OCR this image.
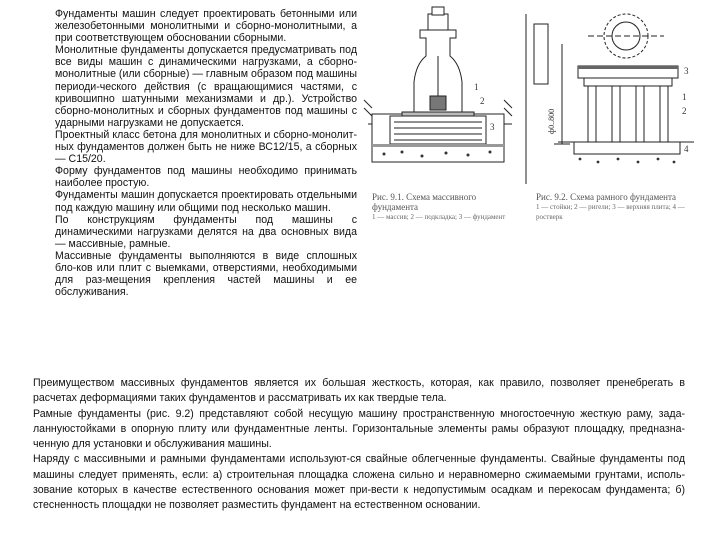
Фундаменты машин следует проектировать бетонными или железобетонными монолитными и сборно-монолитными, а при соответствующем обосновании сборными.

Монолитные фундаменты допускается предусматривать под все виды машин с динамическими нагрузками, а сборно-монолитные (или сборные) — главным образом под машины периоди-ческого действия (с вращающимися частями, с кривошипно шатунными механизмами и др.). Устройство сборно-монолитных и сборных фундаментов под машины с ударными нагрузками не допускается.

Проектный класс бетона для монолитных и сборно-монолит-ных фундаментов должен быть не ниже ВС12/15, а сборных — С15/20.

Форму фундаментов под машины необходимо принимать наиболее простую.

Фундаменты машин допускается проектировать отдельными под каждую машину или общими под несколько машин.

По конструкциям фундаменты под машины с динамическими нагрузками делятся на два основных вида — массивные, рамные.

Массивные фундаменты выполняются в виде сплошных бло-ков или плит с выемками, отверстиями, необходимыми для раз-мещения крепления частей машины и ее обслуживания.

1
2
3
Рис. 9.1. Схема массивного фундамента
1 — массив; 2 — подкладка; 3 — фундамент
ф0..800
1
2
3
4
Рис. 9.2. Схема рамного фундамента
1 — стойки; 2 — ригели; 3 — верхняя плита; 4 — ростверк

Преимуществом массивных фундаментов является их большая жесткость, которая, как правило, позволяет пренебрегать в расчетах деформациями таких фундаментов и рассматривать их как твердые тела.

Рамные фундаменты (рис. 9.2) представляют собой несущую машину пространственную многостоечную жесткую раму, зада-ланнуюстойками в опорную плиту или фундаментные ленты. Горизонтальные элементы рамы образуют площадку, предназна-ченную для установки и обслуживания машины.

Наряду с массивными и рамными фундаментами используют-ся свайные облегченные фундаменты. Свайные фундаменты под машины следует применять, если: а) строительная площадка сложена сильно и неравномерно сжимаемыми грунтами, исполь-зование которых в качестве естественного основания может при-вести к недопустимым осадкам и перекосам фундамента; б) стесненность площадки не позволяет разместить фундамент на естественном основании.
